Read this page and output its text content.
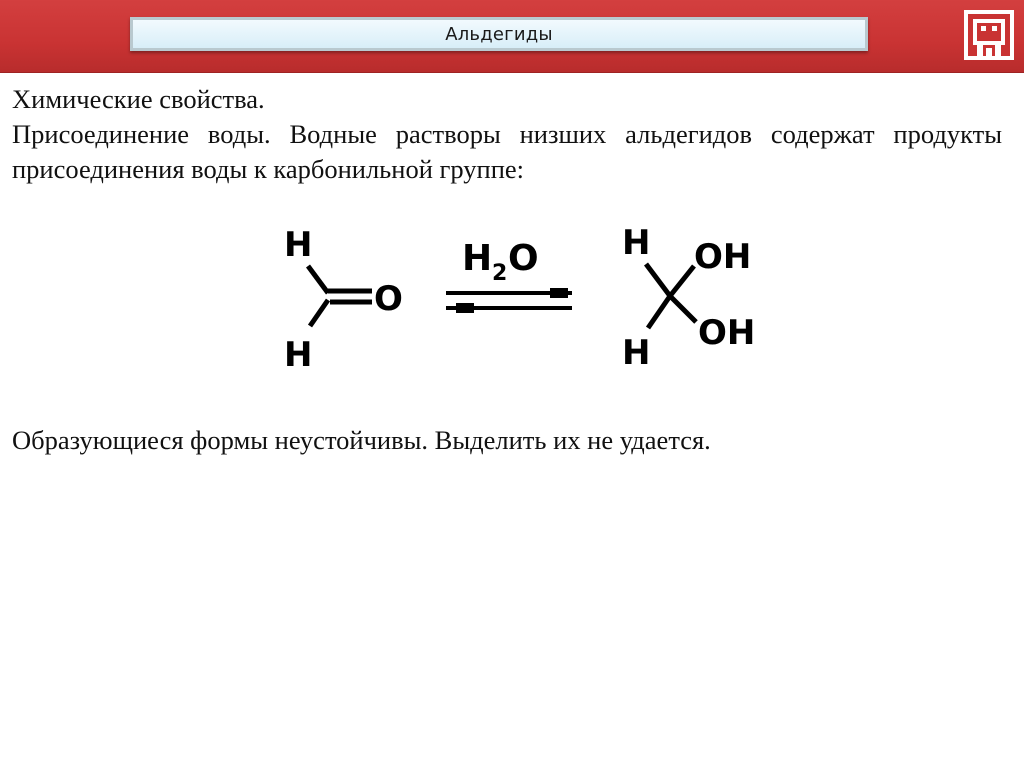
Альдегиды

Химические свойства.

Присоединение воды. Водные растворы низших альдегидов содержат продукты присоединения воды к карбонильной группе:

H
H
O
H 2 O H
H
OH
OH
Образующиеся формы неустойчивы. Выделить их не удается.
